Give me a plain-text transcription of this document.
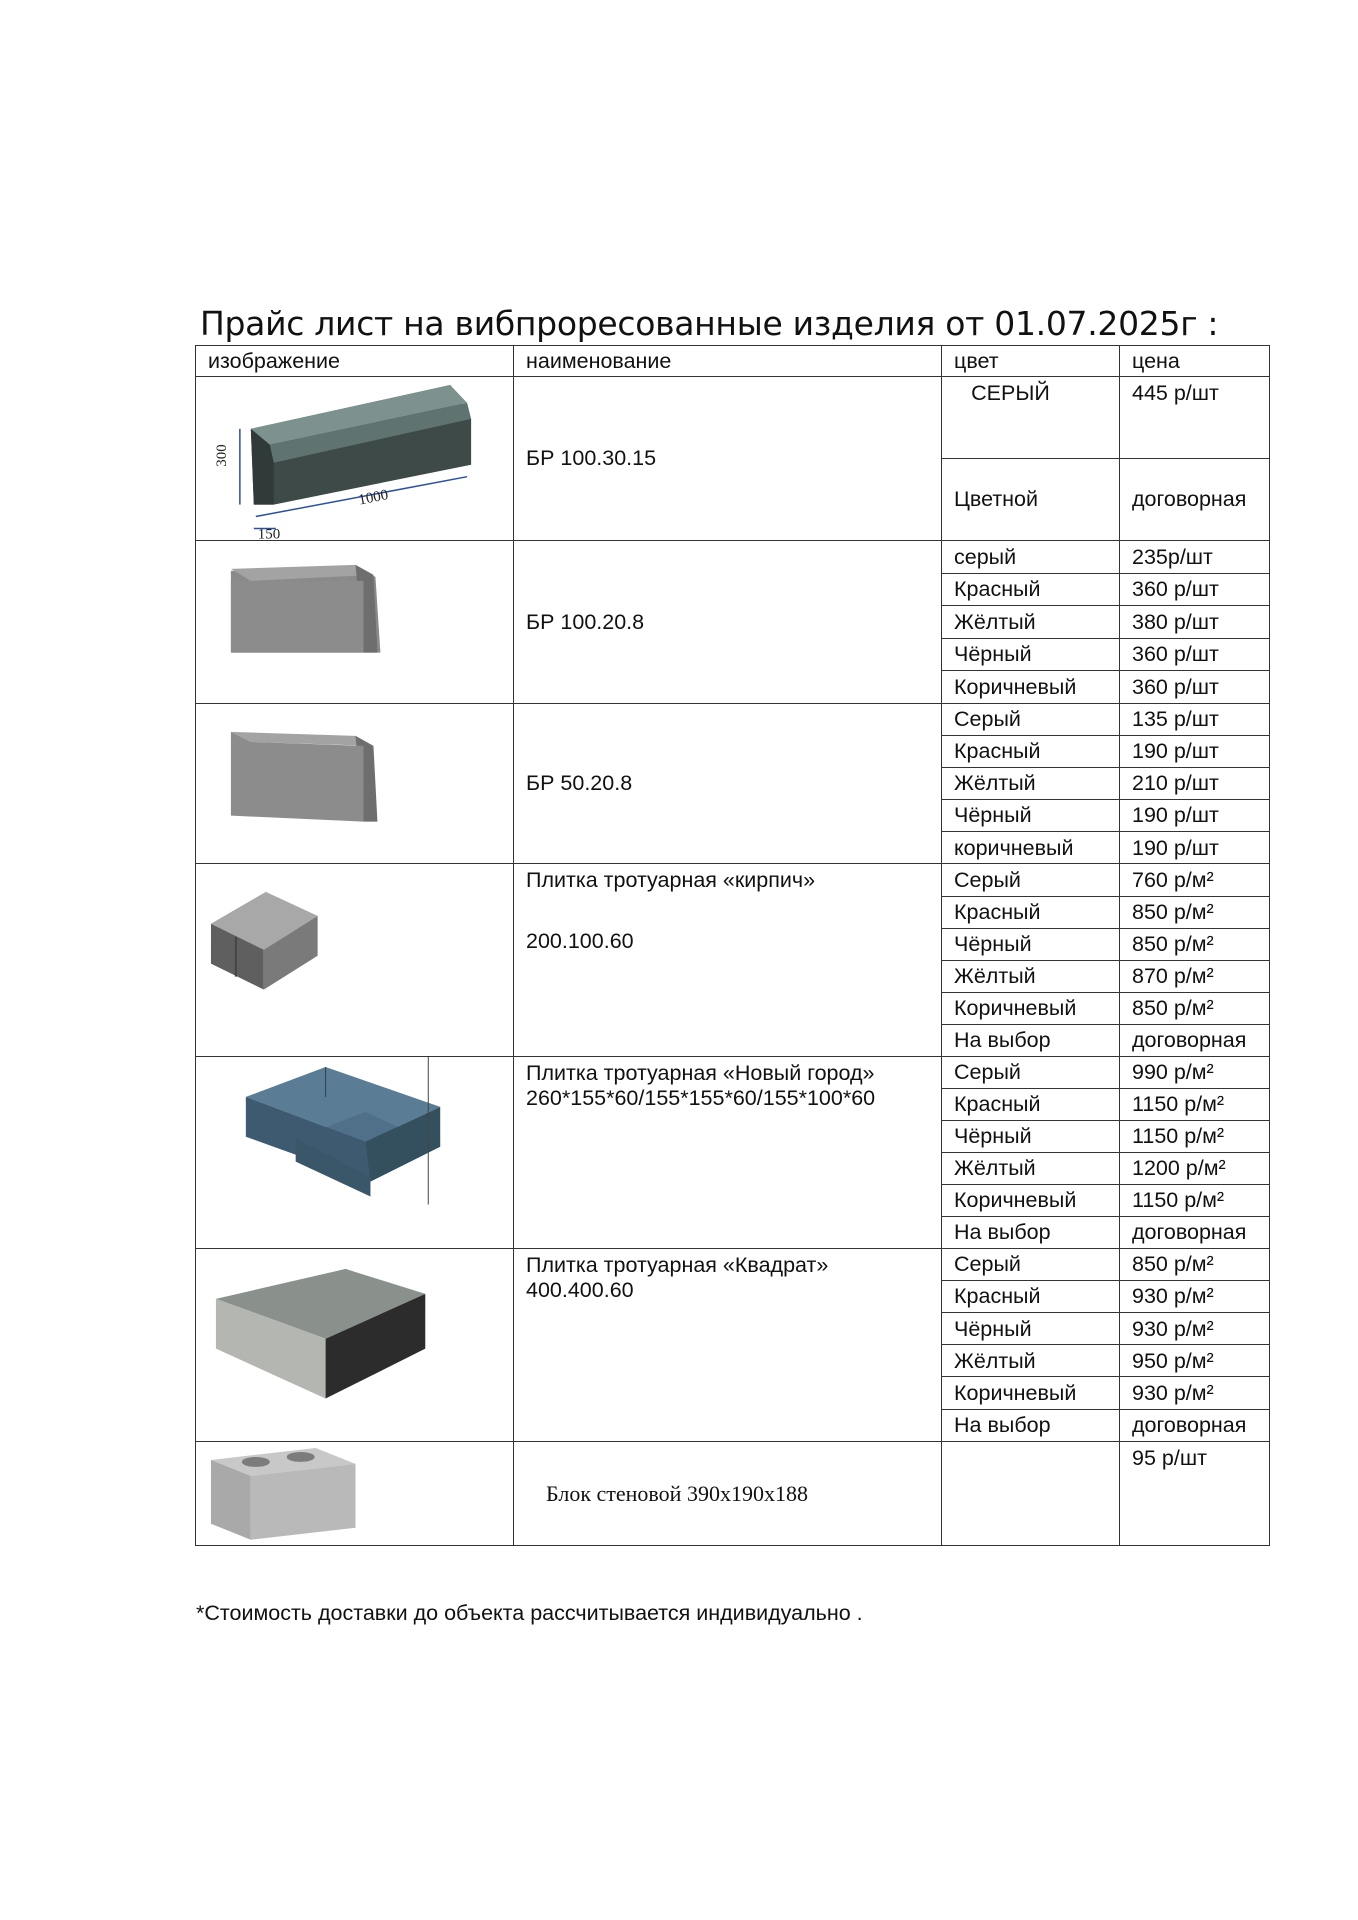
Прайс лист на вибпроресованные изделия от 01.07.2025г :
изображение	наименование	цвет	цена

300
1000
150	БР 100.30.15	СЕРЫЙ	445 р/шт
		Цветной	договорная

	БР 100.20.8	серый	235р/шт
		Красный	360 р/шт
		Жёлтый	380 р/шт
		Чёрный	360 р/шт
		Коричневый	360 р/шт

	БР 50.20.8	Серый	135 р/шт
		Красный	190 р/шт
		Жёлтый	210 р/шт
		Чёрный	190 р/шт
		коричневый	190 р/шт

Плитка тротуарная «кирпич»
200.100.60	Серый	760 р/м²
		Красный	850 р/м²
		Чёрный	850 р/м²
		Жёлтый	870 р/м²
		Коричневый	850 р/м²
		На выбор	договорная

Плитка тротуарная «Новый город»
260*155*60/155*155*60/155*100*60	Серый	990 р/м²
		Красный	1150 р/м²
		Чёрный	1150 р/м²
		Жёлтый	1200 р/м²
		Коричневый	1150 р/м²
		На выбор	договорная

Плитка тротуарная «Квадрат»
400.400.60	Серый	850 р/м²
		Красный	930 р/м²
		Чёрный	930 р/м²
		Жёлтый	950 р/м²
		Коричневый	930 р/м²
		На выбор	договорная

	Блок стеновой 390х190х188		95 р/шт
*Стоимость доставки до объекта рассчитывается индивидуально .
